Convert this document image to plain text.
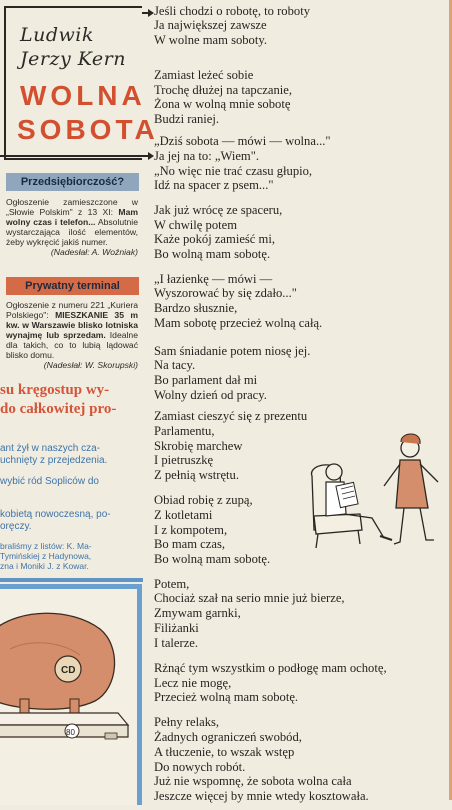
Ludwik
Jerzy Kern
WOLNA
SOBOTA
Przedsiębiorczość?
Ogłoszenie zamieszczone w „Słowie Polskim" z 13 XI: Mam wolny czas i telefon... Absolutnie wystarczająca ilość elementów, żeby wykręcić jakiś numer.
(Nadesłał: A. Woźniak)
Prywatny terminal
Ogłoszenie z numeru 221 „Kuriera Polskiego": MIESZKANIE 35 m kw. w Warszawie blisko lotniska wynajmę lub sprzedam. Idealne dla takich, co to lubią lądować blisko domu.
(Nadesłał: W. Skorupski)
su kręgostup wy-
do całkowitej pro-
ant żył w naszych cza-
uchnięty z przejedzenia.
wybić ród Sopliców do
kobietą nowoczesną, po-
oręczy.
braliśmy z listów: K. Ma-
Tymińskiej z Hadynowa,
zna i Moniki J. z Kowar.
CD
80
Jeśli chodzi o robotę, to roboty
Ja największej zawsze
W wolne mam soboty.
Zamiast leżeć sobie
Trochę dłużej na tapczanie,
Żona w wolną mnie sobotę
Budzi raniej.
„Dziś sobota — mówi — wolna..."
Ja jej na to: „Wiem".
„No więc nie trać czasu głupio,
Idź na spacer z psem..."
Jak już wrócę ze spaceru,
W chwilę potem
Każe pokój zamieść mi,
Bo wolną mam sobotę.
„I łazienkę — mówi —
Wyszorować by się zdało..."
Bardzo słusznie,
Mam sobotę przecież wolną całą.
Sam śniadanie potem niosę jej.
Na tacy.
Bo parlament dał mi
Wolny dzień od pracy.
Zamiast cieszyć się z prezentu
Parlamentu,
Skrobię marchew
I pietruszkę
Z pełnią wstrętu.
Obiad robię z zupą,
Z kotletami
I z kompotem,
Bo mam czas,
Bo wolną mam sobotę.
Potem,
Chociaż szał na serio mnie już bierze,
Zmywam garnki,
Filiżanki
I talerze.
Rżnąć tym wszystkim o podłogę mam ochotę,
Lecz nie mogę,
Przecież wolną mam sobotę.
Pełny relaks,
Żadnych ograniczeń swobód,
A tłuczenie, to wszak wstęp
Do nowych robót.
Już nie wspomnę, że sobota wolna cała
Jeszcze więcej by mnie wtedy kosztowała.
